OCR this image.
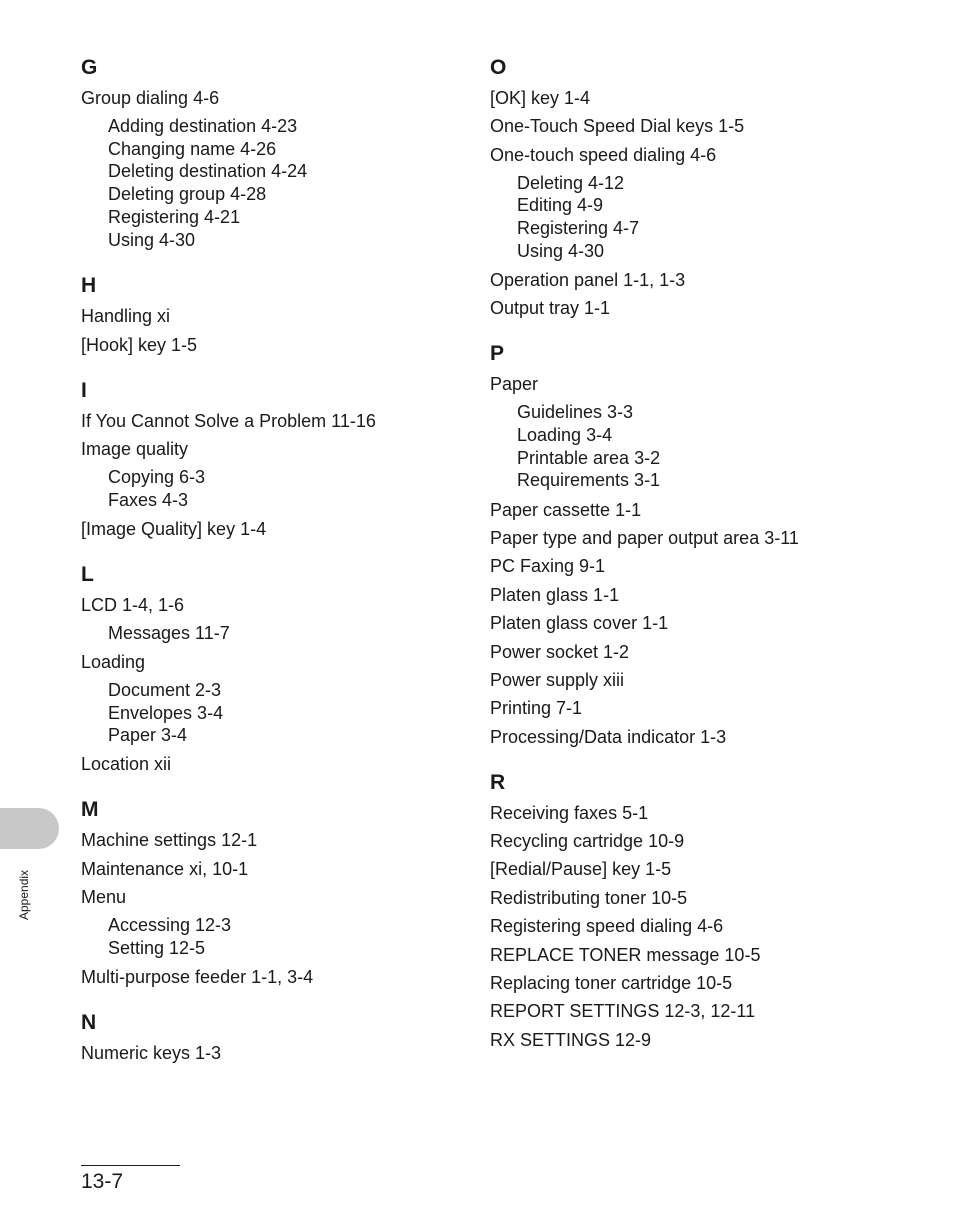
G
Group dialing 4-6
Adding destination 4-23
Changing name 4-26
Deleting destination 4-24
Deleting group 4-28
Registering 4-21
Using 4-30
H
Handling xi
[Hook] key 1-5
I
If You Cannot Solve a Problem 11-16
Image quality
Copying 6-3
Faxes 4-3
[Image Quality] key 1-4
L
LCD 1-4, 1-6
Messages 11-7
Loading
Document 2-3
Envelopes 3-4
Paper 3-4
Location xii
M
Machine settings 12-1
Maintenance xi, 10-1
Menu
Accessing 12-3
Setting 12-5
Multi-purpose feeder 1-1, 3-4
N
Numeric keys 1-3
O
[OK] key 1-4
One-Touch Speed Dial keys 1-5
One-touch speed dialing 4-6
Deleting 4-12
Editing 4-9
Registering 4-7
Using 4-30
Operation panel 1-1, 1-3
Output tray 1-1
P
Paper
Guidelines 3-3
Loading 3-4
Printable area 3-2
Requirements 3-1
Paper cassette 1-1
Paper type and paper output area 3-11
PC Faxing 9-1
Platen glass 1-1
Platen glass cover 1-1
Power socket 1-2
Power supply xiii
Printing 7-1
Processing/Data indicator 1-3
R
Receiving faxes 5-1
Recycling cartridge 10-9
[Redial/Pause] key 1-5
Redistributing toner 10-5
Registering speed dialing 4-6
REPLACE TONER message 10-5
Replacing toner cartridge 10-5
REPORT SETTINGS 12-3, 12-11
RX SETTINGS 12-9
Appendix
13-7
